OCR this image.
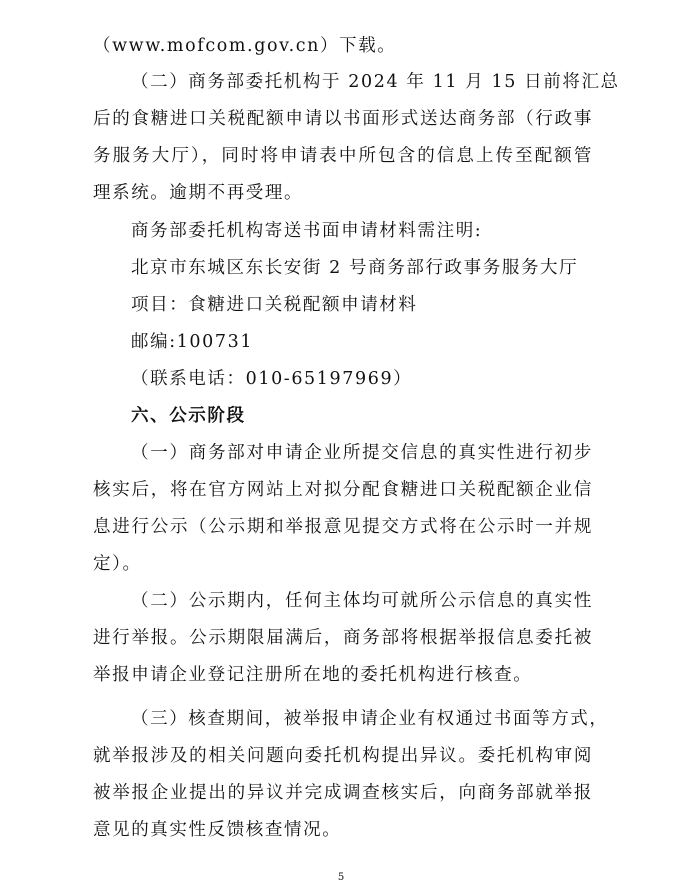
（www.mofcom.gov.cn）下载。
（二）商务部委托机构于 2024 年 11 月 15 日前将汇总
后的食糖进口关税配额申请以书面形式送达商务部（行政事
务服务大厅），同时将申请表中所包含的信息上传至配额管
理系统。逾期不再受理。
商务部委托机构寄送书面申请材料需注明:
北京市东城区东长安街 2 号商务部行政事务服务大厅
项目：食糖进口关税配额申请材料
邮编:100731
（联系电话：010-65197969）
六、公示阶段
（一）商务部对申请企业所提交信息的真实性进行初步
核实后，将在官方网站上对拟分配食糖进口关税配额企业信
息进行公示（公示期和举报意见提交方式将在公示时一并规
定）。
（二）公示期内，任何主体均可就所公示信息的真实性
进行举报。公示期限届满后，商务部将根据举报信息委托被
举报申请企业登记注册所在地的委托机构进行核查。
（三）核查期间，被举报申请企业有权通过书面等方式，
就举报涉及的相关问题向委托机构提出异议。委托机构审阅
被举报企业提出的异议并完成调查核实后，向商务部就举报
意见的真实性反馈核查情况。
5
